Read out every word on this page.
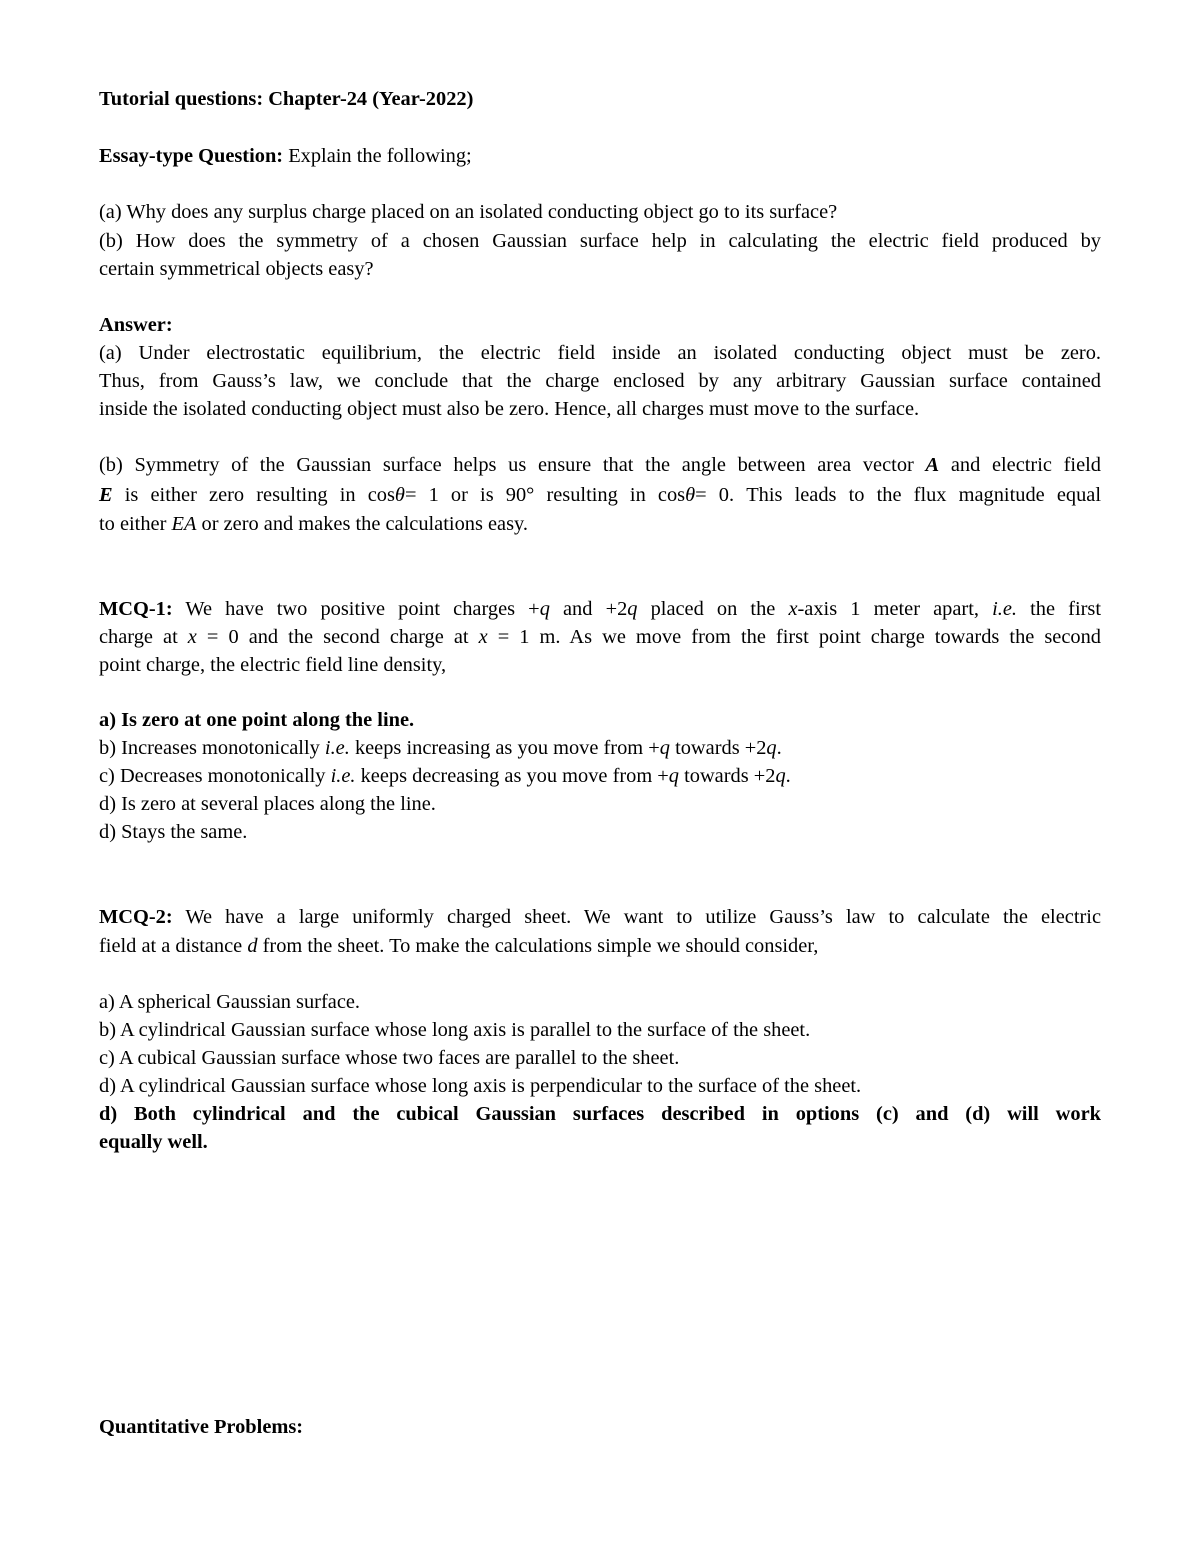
Tutorial questions: Chapter-24 (Year-2022)
Essay-type Question: Explain the following;
(a) Why does any surplus charge placed on an isolated conducting object go to its surface?
(b) How does the symmetry of a chosen Gaussian surface help in calculating the electric field produced by
certain symmetrical objects easy?
Answer:
(a) Under electrostatic equilibrium, the electric field inside an isolated conducting object must be zero.
Thus, from Gauss’s law, we conclude that the charge enclosed by any arbitrary Gaussian surface contained
inside the isolated conducting object must also be zero. Hence, all charges must move to the surface.
(b) Symmetry of the Gaussian surface helps us ensure that the angle between area vector A and electric field
E is either zero resulting in cosθ= 1 or is 90° resulting in cosθ= 0. This leads to the flux magnitude equal
to either EA or zero and makes the calculations easy.
MCQ-1: We have two positive point charges +q and +2q placed on the x-axis 1 meter apart, i.e. the first
charge at x = 0 and the second charge at x = 1 m. As we move from the first point charge towards the second
point charge, the electric field line density,
a) Is zero at one point along the line.
b) Increases monotonically i.e. keeps increasing as you move from +q towards +2q.
c) Decreases monotonically i.e. keeps decreasing as you move from +q towards +2q.
d) Is zero at several places along the line.
d) Stays the same.
MCQ-2: We have a large uniformly charged sheet. We want to utilize Gauss’s law to calculate the electric
field at a distance d from the sheet. To make the calculations simple we should consider,
a) A spherical Gaussian surface.
b) A cylindrical Gaussian surface whose long axis is parallel to the surface of the sheet.
c) A cubical Gaussian surface whose two faces are parallel to the sheet.
d) A cylindrical Gaussian surface whose long axis is perpendicular to the surface of the sheet.
d) Both cylindrical and the cubical Gaussian surfaces described in options (c) and (d) will work
equally well.
Quantitative Problems:
